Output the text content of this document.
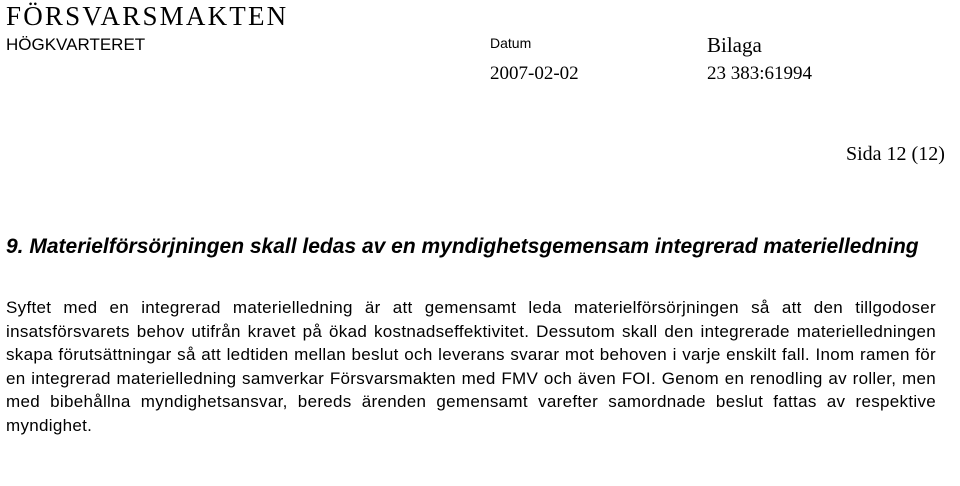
FÖRSVARSMAKTEN
HÖGKVARTERET	Datum	Bilaga
2007-02-02	23 383:61994
Sida 12 (12)
9. Materielförsörjningen skall ledas av en myndighetsgemensam integrerad materielledning
Syftet med en integrerad materielledning är att gemensamt leda materielförsörjningen så att den tillgodoser insatsförsvarets behov utifrån kravet på ökad kostnadseffektivitet. Dessutom skall den integrerade materielledningen skapa förutsättningar så att ledtiden mellan beslut och leverans svarar mot behoven i varje enskilt fall. Inom ramen för en integrerad materielledning samverkar Försvarsmakten med FMV och även FOI. Genom en renodling av roller, men med bibehållna myndighetsansvar, bereds ärenden gemensamt varefter samordnade beslut fattas av respektive myndighet.
